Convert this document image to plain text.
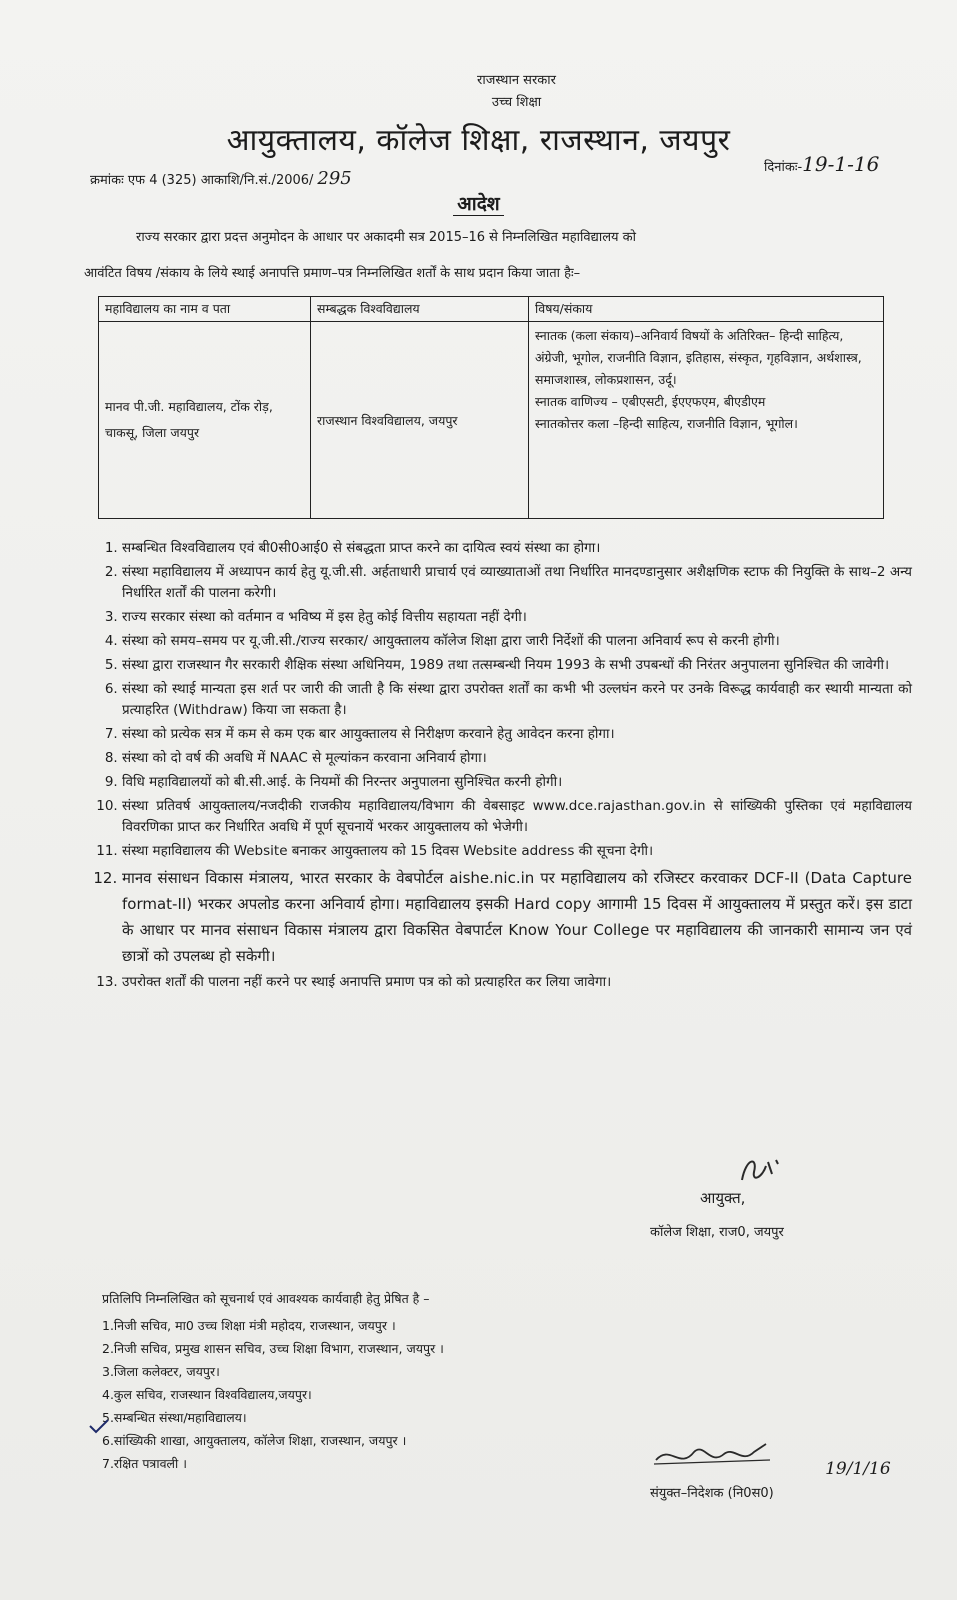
राजस्थान सरकार
उच्च शिक्षा
आयुक्तालय, कॉलेज शिक्षा, राजस्थान, जयपुर
क्रमांकः एफ 4 (325) आकाशि/नि.सं./2006/ 295
दिनांकः-19-1-16
आदेश
राज्य सरकार द्वारा प्रदत्त अनुमोदन के आधार पर अकादमी सत्र 2015–16 से निम्नलिखित महाविद्यालय को
आवंटित विषय /संकाय के लिये स्थाई अनापत्ति प्रमाण–पत्र निम्नलिखित शर्तों के साथ प्रदान किया जाता हैः–
महाविद्यालय का नाम व पता	सम्बद्धक विश्वविद्यालय	विषय/संकाय
मानव पी.जी. महाविद्यालय, टोंक रोड़, चाकसू, जिला जयपुर	राजस्थान विश्वविद्यालय, जयपुर	स्नातक (कला संकाय)–अनिवार्य विषयों के अतिरिक्त– हिन्दी साहित्य, अंग्रेजी, भूगोल, राजनीति विज्ञान, इतिहास, संस्कृत, गृहविज्ञान, अर्थशास्त्र, समाजशास्त्र, लोकप्रशासन, उर्दू।
स्नातक वाणिज्य – एबीएसटी, ईएएफएम, बीएडीएम
स्नातकोत्तर कला –हिन्दी साहित्य, राजनीति विज्ञान, भूगोल।
1. सम्बन्धित विश्वविद्यालय एवं बी0सी0आई0 से संबद्धता प्राप्त करने का दायित्व स्वयं संस्था का होगा।
2. संस्था महाविद्यालय में अध्यापन कार्य हेतु यू.जी.सी. अर्हताधारी प्राचार्य एवं व्याख्याताओं तथा निर्धारित मानदण्डानुसार अशैक्षणिक स्टाफ की नियुक्ति के साथ–2 अन्य निर्धारित शर्तों की पालना करेगी।
3. राज्य सरकार संस्था को वर्तमान व भविष्य में इस हेतु कोई वित्तीय सहायता नहीं देगी।
4. संस्था को समय–समय पर यू.जी.सी./राज्य सरकार/ आयुक्तालय कॉलेज शिक्षा द्वारा जारी निर्देशों की पालना अनिवार्य रूप से करनी होगी।
5. संस्था द्वारा राजस्थान गैर सरकारी शैक्षिक संस्था अधिनियम, 1989 तथा तत्सम्बन्धी नियम 1993 के सभी उपबन्धों की निरंतर अनुपालना सुनिश्चित की जावेगी।
6. संस्था को स्थाई मान्यता इस शर्त पर जारी की जाती है कि संस्था द्वारा उपरोक्त शर्तों का कभी भी उल्लघंन करने पर उनके विरूद्ध कार्यवाही कर स्थायी मान्यता को प्रत्याहरित (Withdraw) किया जा सकता है।
7. संस्था को प्रत्येक सत्र में कम से कम एक बार आयुक्तालय से निरीक्षण करवाने हेतु आवेदन करना होगा।
8. संस्था को दो वर्ष की अवधि में NAAC से मूल्यांकन करवाना अनिवार्य होगा।
9. विधि महाविद्यालयों को बी.सी.आई. के नियमों की निरन्तर अनुपालना सुनिश्चित करनी होगी।
10. संस्था प्रतिवर्ष आयुक्तालय/नजदीकी राजकीय महाविद्यालय/विभाग की वेबसाइट www.dce.rajasthan.gov.in से सांख्यिकी पुस्तिका एवं महाविद्यालय विवरणिका प्राप्त कर निर्धारित अवधि में पूर्ण सूचनायें भरकर आयुक्तालय को भेजेगी।
11. संस्था महाविद्यालय की Website बनाकर आयुक्तालय को 15 दिवस Website address की सूचना देगी।
12. मानव संसाधन विकास मंत्रालय, भारत सरकार के वेबपोर्टल aishe.nic.in पर महाविद्यालय को रजिस्टर करवाकर DCF-II (Data Capture format-II) भरकर अपलोड करना अनिवार्य होगा। महाविद्यालय इसकी Hard copy आगामी 15 दिवस में आयुक्तालय में प्रस्तुत करें। इस डाटा के आधार पर मानव संसाधन विकास मंत्रालय द्वारा विकसित वेबपार्टल Know Your College पर महाविद्यालय की जानकारी सामान्य जन एवं छात्रों को उपलब्ध हो सकेगी।
13. उपरोक्त शर्तों की पालना नहीं करने पर स्थाई अनापत्ति प्रमाण पत्र को को प्रत्याहरित कर लिया जावेगा।
आयुक्त,
कॉलेज शिक्षा, राज0, जयपुर
प्रतिलिपि निम्नलिखित को सूचनार्थ एवं आवश्यक कार्यवाही हेतु प्रेषित है –
1.निजी सचिव, मा0 उच्च शिक्षा मंत्री महोदय, राजस्थान, जयपुर ।
2.निजी सचिव, प्रमुख शासन सचिव, उच्च शिक्षा विभाग, राजस्थान, जयपुर ।
3.जिला कलेक्टर, जयपुर।
4.कुल सचिव, राजस्थान विश्वविद्यालय,जयपुर।
5.सम्बन्धित संस्था/महाविद्यालय।
6.सांख्यिकी शाखा, आयुक्तालय, कॉलेज शिक्षा, राजस्थान, जयपुर ।
7.रक्षित पत्रावली ।	19/1/16
संयुक्त–निदेशक (नि0स0)
